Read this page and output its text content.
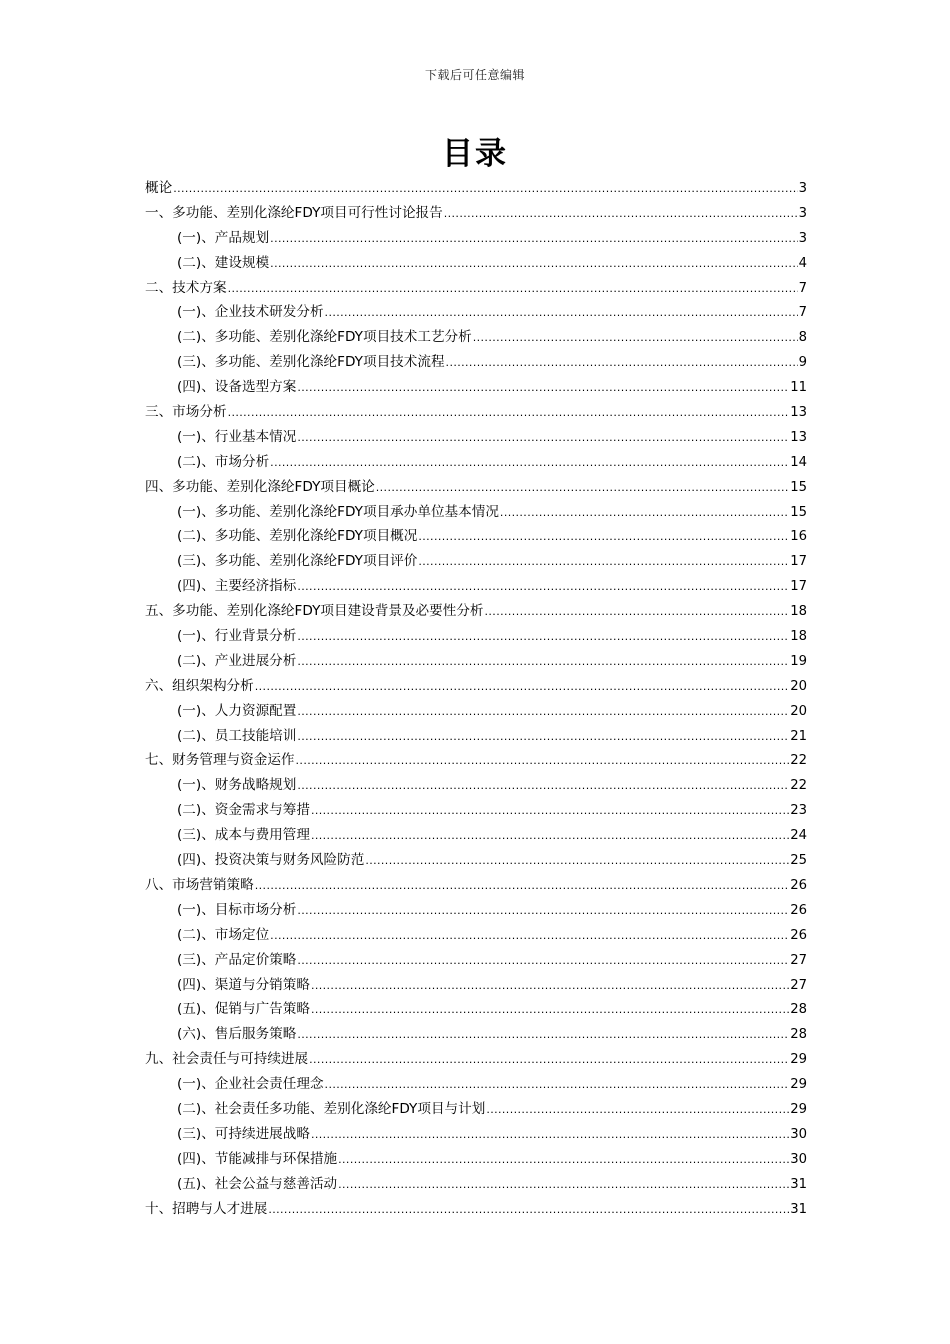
下载后可任意编辑
目录
概论 .....	3
一、多功能、差别化涤纶FDY项目可行性讨论报告 .....	3
(一)、产品规划 .....	3
(二)、建设规模 .....	4
二、技术方案 .....	7
(一)、企业技术研发分析 .....	7
(二)、多功能、差别化涤纶FDY项目技术工艺分析 .....	8
(三)、多功能、差别化涤纶FDY项目技术流程 .....	9
(四)、设备选型方案 .....	11
三、市场分析 .....	13
(一)、行业基本情况 .....	13
(二)、市场分析 .....	14
四、多功能、差别化涤纶FDY项目概论 .....	15
(一)、多功能、差别化涤纶FDY项目承办单位基本情况 .....	15
(二)、多功能、差别化涤纶FDY项目概况 .....	16
(三)、多功能、差别化涤纶FDY项目评价 .....	17
(四)、主要经济指标 .....	17
五、多功能、差别化涤纶FDY项目建设背景及必要性分析 .....	18
(一)、行业背景分析 .....	18
(二)、产业进展分析 .....	19
六、组织架构分析 .....	20
(一)、人力资源配置 .....	20
(二)、员工技能培训 .....	21
七、财务管理与资金运作 .....	22
(一)、财务战略规划 .....	22
(二)、资金需求与筹措 .....	23
(三)、成本与费用管理 .....	24
(四)、投资决策与财务风险防范 .....	25
八、市场营销策略 .....	26
(一)、目标市场分析 .....	26
(二)、市场定位 .....	26
(三)、产品定价策略 .....	27
(四)、渠道与分销策略 .....	27
(五)、促销与广告策略 .....	28
(六)、售后服务策略 .....	28
九、社会责任与可持续进展 .....	29
(一)、企业社会责任理念 .....	29
(二)、社会责任多功能、差别化涤纶FDY项目与计划 .....	29
(三)、可持续进展战略 .....	30
(四)、节能减排与环保措施 .....	30
(五)、社会公益与慈善活动 .....	31
十、招聘与人才进展 .....	31
